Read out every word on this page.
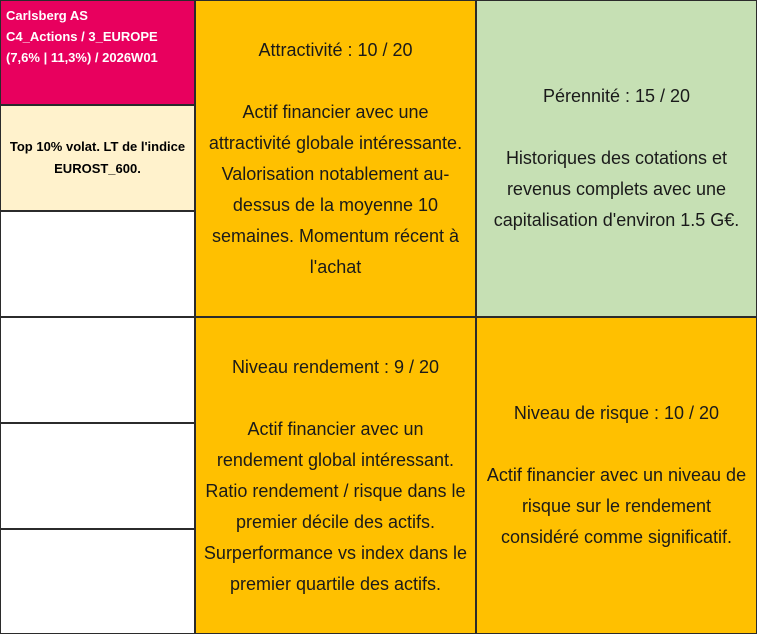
Carlsberg AS
C4_Actions / 3_EUROPE
(7,6% | 11,3%) / 2026W01
Top 10% volat. LT de l'indice EUROST_600.
Attractivité : 10 / 20
Actif financier avec une
attractivité globale intéressante.
Valorisation notablement au-
dessus de la moyenne 10
semaines. Momentum récent à
l'achat
Pérennité : 15 / 20
Historiques des cotations et
revenus complets avec une
capitalisation d'environ 1.5 G€.
Niveau rendement : 9 / 20
Actif financier avec un
rendement global intéressant.
Ratio rendement / risque dans le
premier décile des actifs.
Surperformance vs index dans le
premier quartile des actifs.
Niveau de risque : 10 / 20
Actif financier avec un niveau de
risque sur le rendement
considéré comme significatif.
